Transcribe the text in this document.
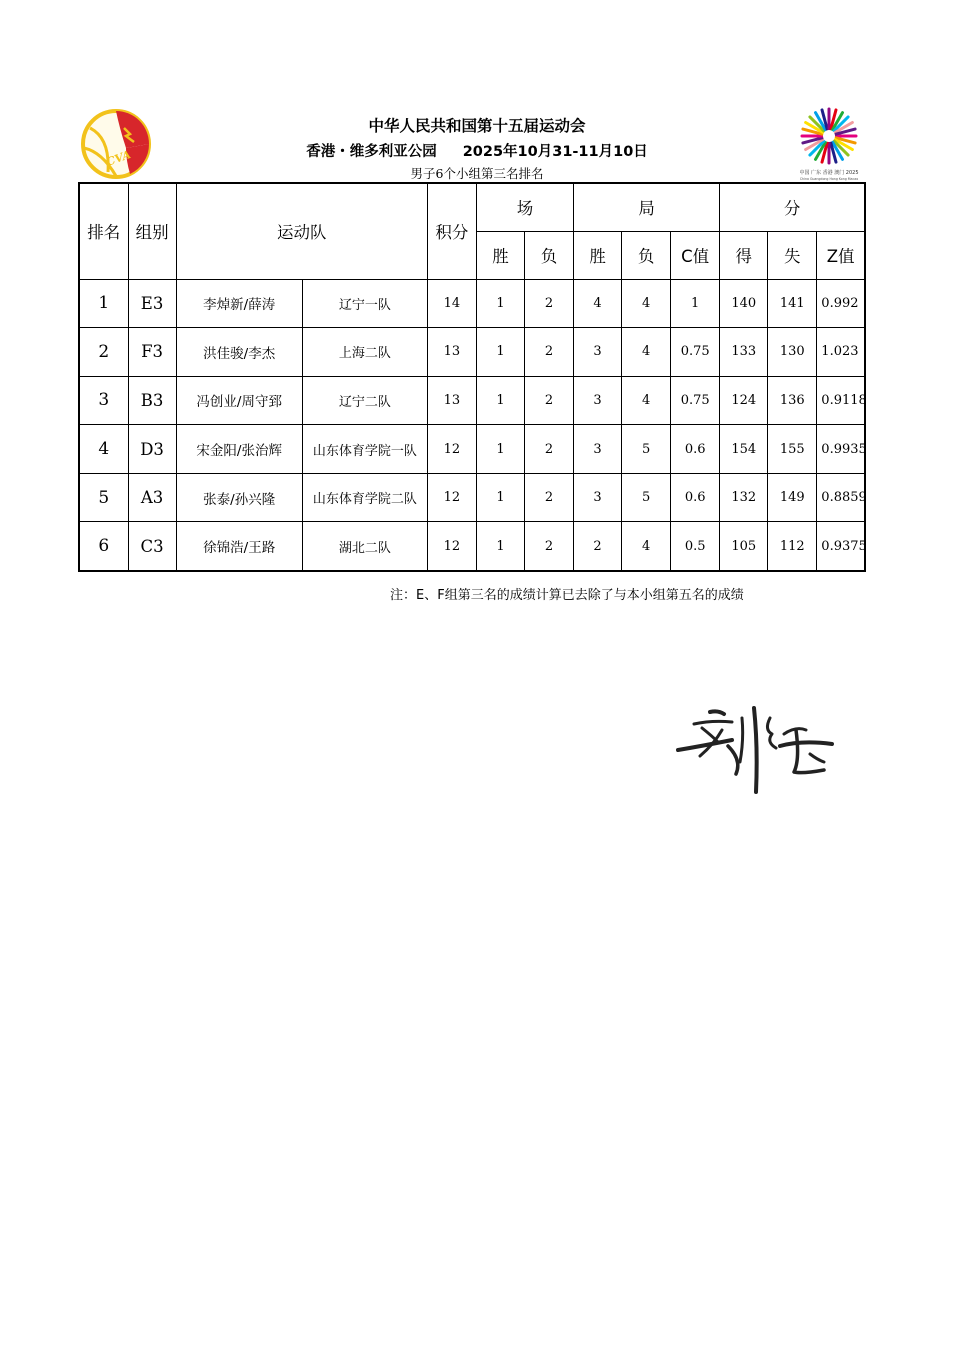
CVA
中国 广东 香港 澳门 2025
China Guangdong Hong Kong Macao
中华人民共和国第十五届运动会
香港・维多利亚公园 2025年10月31-11月10日
男子6个小组第三名排名
排名	组别	运动队		积分	场		局			分		
					胜	负	胜	负	C值	得	失	Z值
1	E3	李焯新/薛涛	辽宁一队	14	1	2	4	4	1	140	141	0.992
2	F3	洪佳骏/李杰	上海二队	13	1	2	3	4	0.75	133	130	1.023
3	B3	冯创业/周守郅	辽宁二队	13	1	2	3	4	0.75	124	136	0.9118
4	D3	宋金阳/张治辉	山东体育学院一队	12	1	2	3	5	0.6	154	155	0.9935
5	A3	张泰/孙兴隆	山东体育学院二队	12	1	2	3	5	0.6	132	149	0.8859
6	C3	徐锦浩/王路	湖北二队	12	1	2	2	4	0.5	105	112	0.9375
注：E、F组第三名的成绩计算已去除了与本小组第五名的成绩
